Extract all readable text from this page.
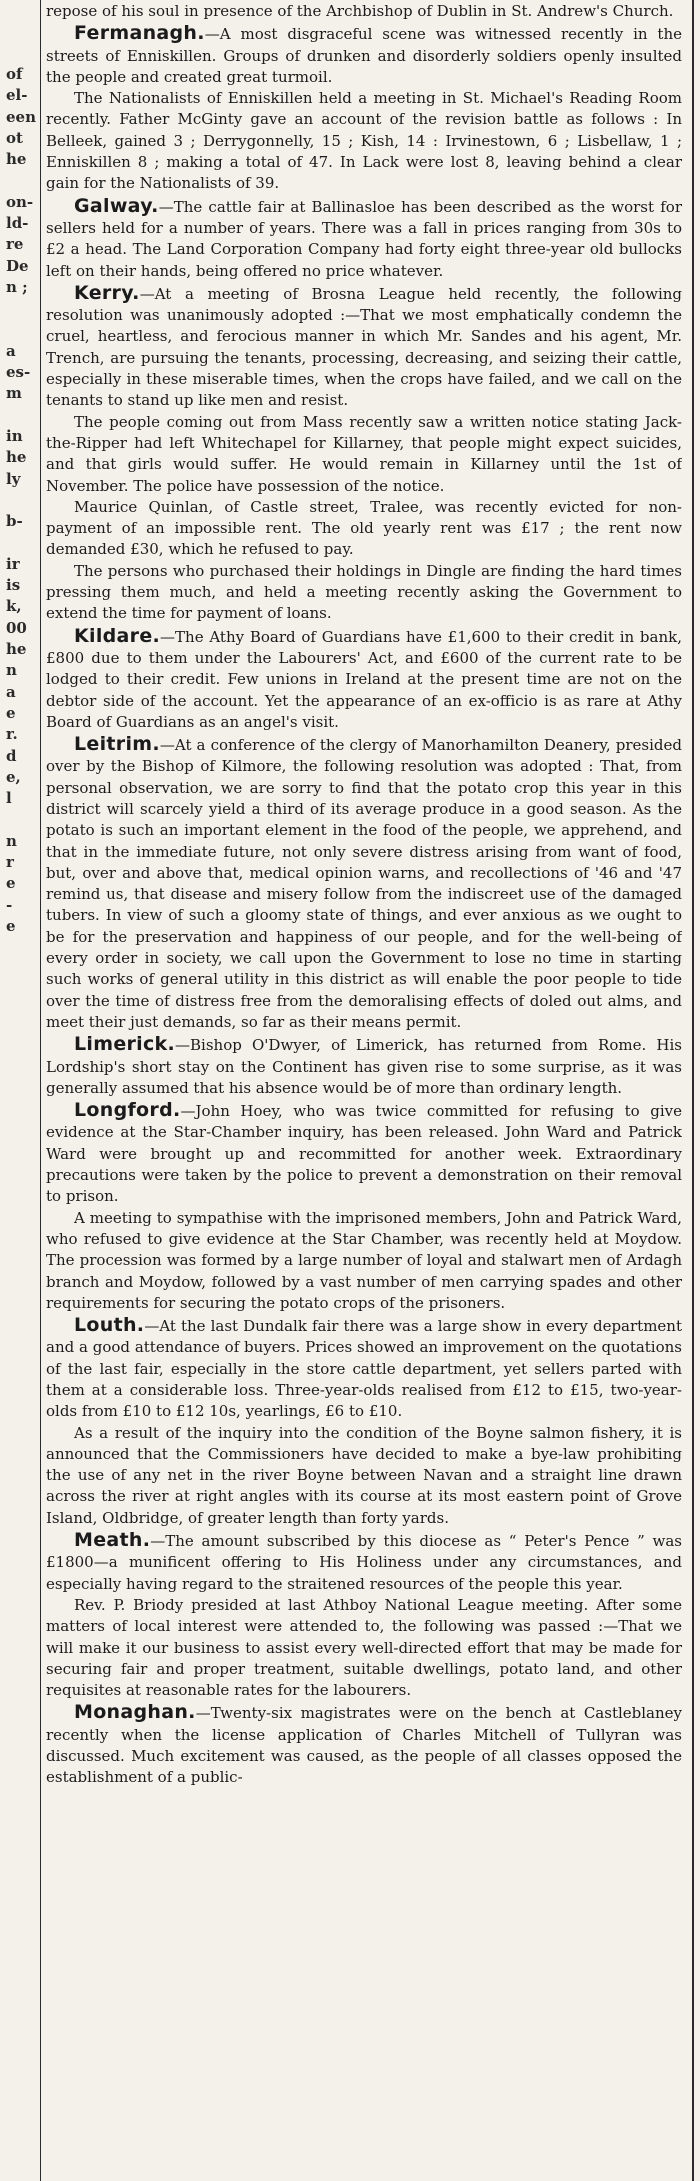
of
el-
een
ot
he
on-
ld-
re
De
n ;
a
es-
m
in
he
ly
b-
ir
is
k,
00
he
n
a
e
r.
d
e,
l
n
r
e
-
e

repose of his soul in presence of the Archbishop of Dublin in St. Andrew's Church.

Fermanagh.—A most disgraceful scene was witnessed recently in the streets of Enniskillen. Groups of drunken and disorderly soldiers openly insulted the people and created great turmoil.

The Nationalists of Enniskillen held a meeting in St. Michael's Reading Room recently. Father McGinty gave an account of the revision battle as follows : In Belleek, gained 3 ; Derrygonnelly, 15 ; Kish, 14 : Irvinestown, 6 ; Lisbellaw, 1 ; Enniskillen 8 ; making a total of 47. In Lack were lost 8, leaving behind a clear gain for the Nationalists of 39.

Galway.—The cattle fair at Ballinasloe has been described as the worst for sellers held for a number of years. There was a fall in prices ranging from 30s to £2 a head. The Land Corporation Company had forty eight three-year old bullocks left on their hands, being offered no price whatever.

Kerry.—At a meeting of Brosna League held recently, the following resolution was unanimously adopted :—That we most emphatically condemn the cruel, heartless, and ferocious manner in which Mr. Sandes and his agent, Mr. Trench, are pursuing the tenants, processing, decreasing, and seizing their cattle, especially in these miserable times, when the crops have failed, and we call on the tenants to stand up like men and resist.

The people coming out from Mass recently saw a written notice stating Jack-the-Ripper had left Whitechapel for Killarney, that people might expect suicides, and that girls would suffer. He would remain in Killarney until the 1st of November. The police have possession of the notice.

Maurice Quinlan, of Castle street, Tralee, was recently evicted for non-payment of an impossible rent. The old yearly rent was £17 ; the rent now demanded £30, which he refused to pay.

The persons who purchased their holdings in Dingle are finding the hard times pressing them much, and held a meeting recently asking the Government to extend the time for payment of loans.

Kildare.—The Athy Board of Guardians have £1,600 to their credit in bank, £800 due to them under the Labourers' Act, and £600 of the current rate to be lodged to their credit. Few unions in Ireland at the present time are not on the debtor side of the account. Yet the appearance of an ex-officio is as rare at Athy Board of Guardians as an angel's visit.

Leitrim.—At a conference of the clergy of Manorhamilton Deanery, presided over by the Bishop of Kilmore, the following resolution was adopted : That, from personal observation, we are sorry to find that the potato crop this year in this district will scarcely yield a third of its average produce in a good season. As the potato is such an important element in the food of the people, we apprehend, and that in the immediate future, not only severe distress arising from want of food, but, over and above that, medical opinion warns, and recollections of '46 and '47 remind us, that disease and misery follow from the indiscreet use of the damaged tubers. In view of such a gloomy state of things, and ever anxious as we ought to be for the preservation and happiness of our people, and for the well-being of every order in society, we call upon the Government to lose no time in starting such works of general utility in this district as will enable the poor people to tide over the time of distress free from the demoralising effects of doled out alms, and meet their just demands, so far as their means permit.

Limerick.—Bishop O'Dwyer, of Limerick, has returned from Rome. His Lordship's short stay on the Continent has given rise to some surprise, as it was generally assumed that his absence would be of more than ordinary length.

Longford.—John Hoey, who was twice committed for refusing to give evidence at the Star-Chamber inquiry, has been released. John Ward and Patrick Ward were brought up and recommitted for another week. Extraordinary precautions were taken by the police to prevent a demonstration on their removal to prison.

A meeting to sympathise with the imprisoned members, John and Patrick Ward, who refused to give evidence at the Star Chamber, was recently held at Moydow. The procession was formed by a large number of loyal and stalwart men of Ardagh branch and Moydow, followed by a vast number of men carrying spades and other requirements for securing the potato crops of the prisoners.

Louth.—At the last Dundalk fair there was a large show in every department and a good attendance of buyers. Prices showed an improvement on the quotations of the last fair, especially in the store cattle department, yet sellers parted with them at a considerable loss. Three-year-olds realised from £12 to £15, two-year-olds from £10 to £12 10s, yearlings, £6 to £10.

As a result of the inquiry into the condition of the Boyne salmon fishery, it is announced that the Commissioners have decided to make a bye-law prohibiting the use of any net in the river Boyne between Navan and a straight line drawn across the river at right angles with its course at its most eastern point of Grove Island, Oldbridge, of greater length than forty yards.

Meath.—The amount subscribed by this diocese as “ Peter's Pence ” was £1800—a munificent offering to His Holiness under any circumstances, and especially having regard to the straitened resources of the people this year.

Rev. P. Briody presided at last Athboy National League meeting. After some matters of local interest were attended to, the following was passed :—That we will make it our business to assist every well-directed effort that may be made for securing fair and proper treatment, suitable dwellings, potato land, and other requisites at reasonable rates for the labourers.

Monaghan.—Twenty-six magistrates were on the bench at Castleblaney recently when the license application of Charles Mitchell of Tullyran was discussed. Much excitement was caused, as the people of all classes opposed the establishment of a public-
